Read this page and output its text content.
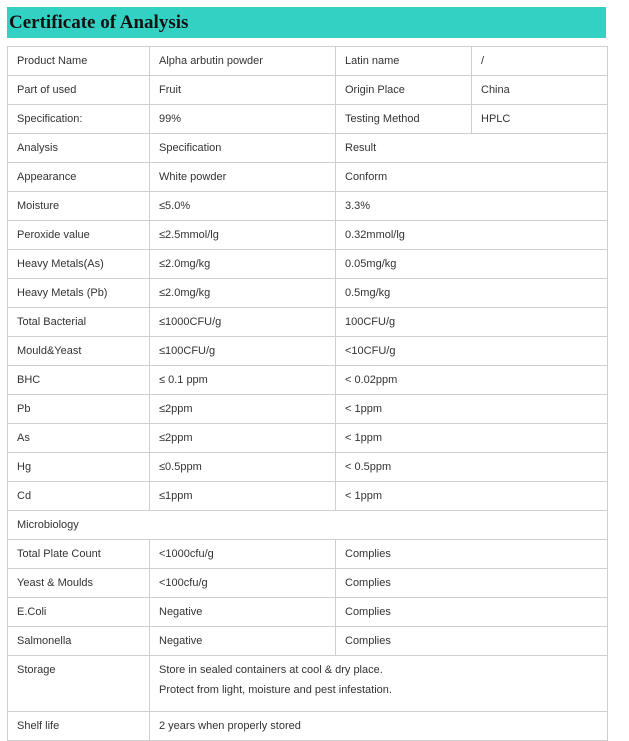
Certificate of Analysis
Product Name	Alpha arbutin powder	Latin name	/
Part of used	Fruit	Origin Place	China
Specification:	99%	Testing Method	HPLC
Analysis	Specification	Result	
Appearance	White powder	Conform	
Moisture	≤5.0%	3.3%	
Peroxide value	≤2.5mmol/lg	0.32mmol/lg	
Heavy Metals(As)	≤2.0mg/kg	0.05mg/kg	
Heavy Metals (Pb)	≤2.0mg/kg	0.5mg/kg	
Total Bacterial	≤1000CFU/g	100CFU/g	
Mould&Yeast	≤100CFU/g	<10CFU/g	
BHC	≤ 0.1 ppm	< 0.02ppm	
Pb	≤2ppm	< 1ppm	
As	≤2ppm	< 1ppm	
Hg	≤0.5ppm	< 0.5ppm	
Cd	≤1ppm	< 1ppm	
Microbiology			
Total Plate Count	<1000cfu/g	Complies	
Yeast & Moulds	<100cfu/g	Complies	
E.Coli	Negative	Complies	
Salmonella	Negative	Complies	
Storage	Store in sealed containers at cool & dry place.
Protect from light, moisture and pest infestation.		

Shelf life	2 years when properly stored		
